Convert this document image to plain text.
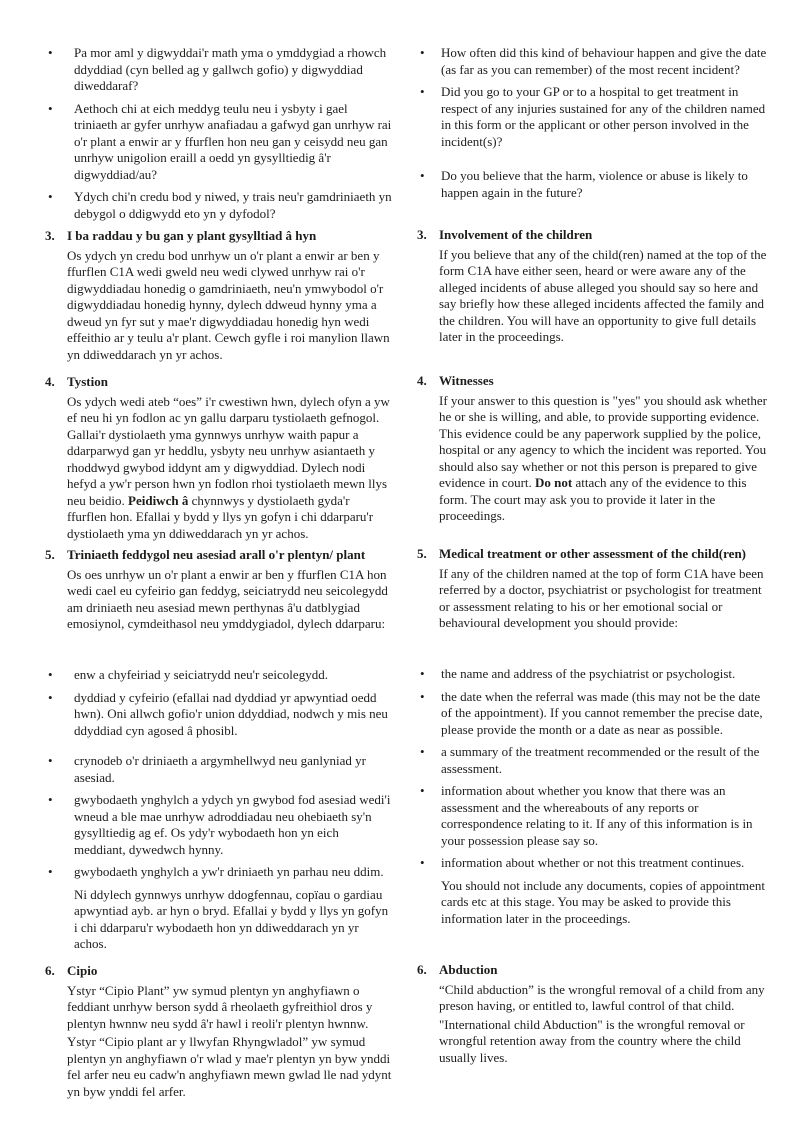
• Pa mor aml y digwyddai'r math yma o ymddygiad a rhowch ddyddiad (cyn belled ag y gallwch gofio) y digwyddiad diweddaraf?
• Aethoch chi at eich meddyg teulu neu i ysbyty i gael triniaeth ar gyfer unrhyw anafiadau a gafwyd gan unrhyw rai o'r plant a enwir ar y ffurflen hon neu gan y ceisydd neu gan unrhyw unigolion eraill a oedd yn gysylltiedig â'r digwyddiad/au?
• Ydych chi'n credu bod y niwed, y trais neu'r gamdriniaeth yn debygol o ddigwydd eto yn y dyfodol?
3. I ba raddau y bu gan y plant gysylltiad â hyn

Os ydych yn credu bod unrhyw un o'r plant a enwir ar ben y ffurflen C1A wedi gweld neu wedi clywed unrhyw rai o'r digwyddiadau honedig o gamdriniaeth, neu'n ymwybodol o'r digwyddiadau honedig hynny, dylech ddweud hynny yma a dweud yn fyr sut y mae'r digwyddiadau honedig hyn wedi effeithio ar y teulu a'r plant. Cewch gyfle i roi manylion llawn yn ddiweddarach yn yr achos.

4. Tystion

Os ydych wedi ateb “oes” i'r cwestiwn hwn, dylech ofyn a yw ef neu hi yn fodlon ac yn gallu darparu tystiolaeth gefnogol. Gallai'r dystiolaeth yma gynnwys unrhyw waith papur a ddarparwyd gan yr heddlu, ysbyty neu unrhyw asiantaeth y rhoddwyd gwybod iddynt am y digwyddiad. Dylech nodi hefyd a yw'r person hwn yn fodlon rhoi tystiolaeth mewn llys neu beidio. Peidiwch â chynnwys y dystiolaeth gyda'r ffurflen hon. Efallai y bydd y llys yn gofyn i chi ddarparu'r dystiolaeth yma yn ddiweddarach yn yr achos.

5. Triniaeth feddygol neu asesiad arall o'r plentyn/ plant

Os oes unrhyw un o'r plant a enwir ar ben y ffurflen C1A hon wedi cael eu cyfeirio gan feddyg, seiciatrydd neu seicolegydd am driniaeth neu asesiad mewn perthynas â'u datblygiad emosiynol, cymdeithasol neu ymddygiadol, dylech ddarparu:

• enw a chyfeiriad y seiciatrydd neu'r seicolegydd.
• dyddiad y cyfeirio (efallai nad dyddiad yr apwyntiad oedd hwn). Oni allwch gofio'r union ddyddiad, nodwch y mis neu ddyddiad cyn agosed â phosibl.
• crynodeb o'r driniaeth a argymhellwyd neu ganlyniad yr asesiad.
• gwybodaeth ynghylch a ydych yn gwybod fod asesiad wedi'i wneud a ble mae unrhyw adroddiadau neu ohebiaeth sy'n gysylltiedig ag ef. Os ydy'r wybodaeth hon yn eich meddiant, dywedwch hynny.
• gwybodaeth ynghylch a yw'r driniaeth yn parhau neu ddim.

Ni ddylech gynnwys unrhyw ddogfennau, copïau o gardiau apwyntiad ayb. ar hyn o bryd. Efallai y bydd y llys yn gofyn i chi ddarparu'r wybodaeth hon yn ddiweddarach yn yr achos.

6. Cipio

Ystyr “Cipio Plant” yw symud plentyn yn anghyfiawn o feddiant unrhyw berson sydd â rheolaeth gyfreithiol dros y plentyn hwnnw neu sydd â'r hawl i reoli'r plentyn hwnnw.

Ystyr “Cipio plant ar y llwyfan Rhyngwladol” yw symud plentyn yn anghyfiawn o'r wlad y mae'r plentyn yn byw ynddi fel arfer neu eu cadw'n anghyfiawn mewn gwlad lle nad ydynt yn byw ynddi fel arfer.

• How often did this kind of behaviour happen and give the date (as far as you can remember) of the most recent incident?
• Did you go to your GP or to a hospital to get treatment in respect of any injuries sustained for any of the children named in this form or the applicant or other person involved in the incident(s)?
• Do you believe that the harm, violence or abuse is likely to happen again in the future?
3. Involvement of the children

If you believe that any of the child(ren) named at the top of the form C1A have either seen, heard or were aware any of the alleged incidents of abuse alleged you should say so here and say briefly how these alleged incidents affected the family and the children. You will have an opportunity to give full details later in the proceedings.

4. Witnesses

If your answer to this question is "yes" you should ask whether he or she is willing, and able, to provide supporting evidence. This evidence could be any paperwork supplied by the police, hospital or any agency to which the incident was reported. You should also say whether or not this person is prepared to give evidence in court. Do not attach any of the evidence to this form. The court may ask you to provide it later in the proceedings.

5. Medical treatment or other assessment of the child(ren)

If any of the children named at the top of form C1A have been referred by a doctor, psychiatrist or psychologist for treatment or assessment relating to his or her emotional social or behavioural development you should provide:

• the name and address of the psychiatrist or psychologist.
• the date when the referral was made (this may not be the date of the appointment). If you cannot remember the precise date, please provide the month or a date as near as possible.
• a summary of the treatment recommended or the result of the assessment.
• information about whether you know that there was an assessment and the whereabouts of any reports or correspondence relating to it. If any of this information is in your possession please say so.
• information about whether or not this treatment continues.

You should not include any documents, copies of appointment cards etc at this stage. You may be asked to provide this information later in the proceedings.

6. Abduction

“Child abduction” is the wrongful removal of a child from any preson having, or entitled to, lawful control of that child.

"International child Abduction" is the wrongful removal or wrongful retention away from the country where the child usually lives.
